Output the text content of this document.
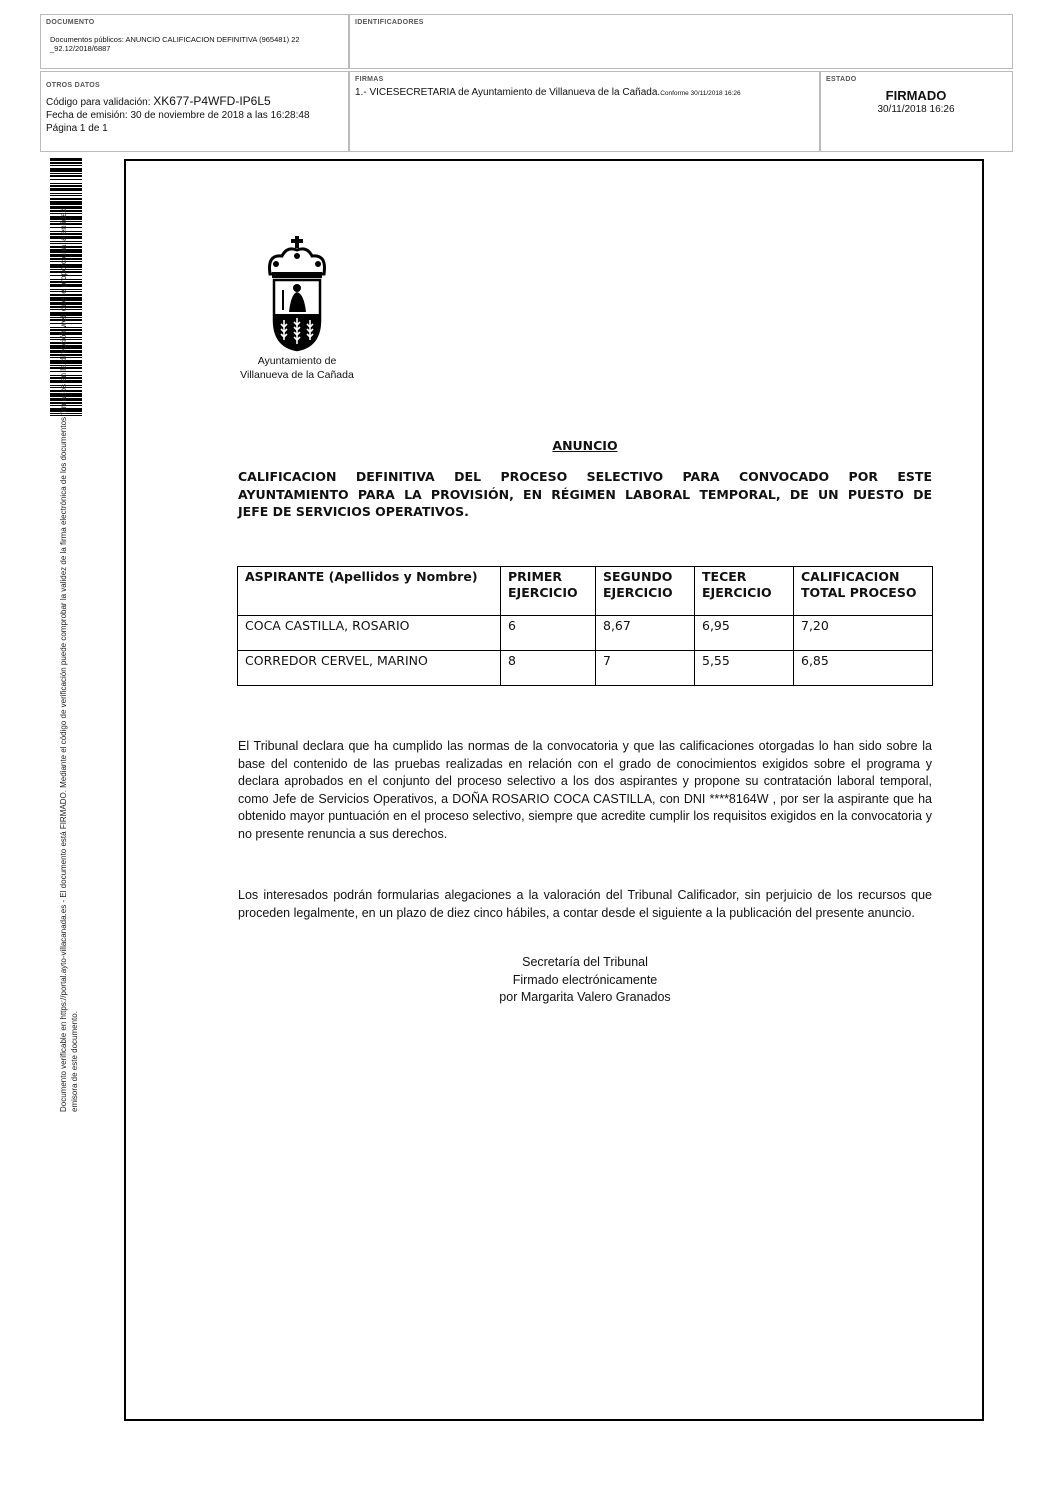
DOCUMENTO
Documentos públicos: ANUNCIO CALIFICACION DEFINITIVA (965481) 22
_92.12/2018/6887
IDENTIFICADORES
OTROS DATOS
Código para validación: XK677-P4WFD-IP6L5
Fecha de emisión: 30 de noviembre de 2018 a las 16:28:48
Página 1 de 1
FIRMAS
1.- VICESECRETARIA de Ayuntamiento de Villanueva de la Cañada.Conforme 30/11/2018 16:26
ESTADO
FIRMADO
30/11/2018 16:26
Documento verificable en https://portal.ayto-villacanada.es - El documento está FIRMADO. Mediante el código de verificación puede comprobar la validez de la firma electrónica de los documentos firmados en la dirección web que le proporciona la entidad emisora de este documento.
Ayuntamiento de
Villanueva de la Cañada
ANUNCIO
CALIFICACION DEFINITIVA DEL PROCESO SELECTIVO PARA CONVOCADO POR ESTE
AYUNTAMIENTO PARA LA PROVISIÓN, EN RÉGIMEN LABORAL TEMPORAL, DE UN PUESTO DE
JEFE DE SERVICIOS OPERATIVOS.
ASPIRANTE (Apellidos y Nombre)	PRIMER EJERCICIO	SEGUNDO EJERCICIO	TECER EJERCICIO	CALIFICACION TOTAL PROCESO
COCA CASTILLA, ROSARIO	6	8,67	6,95	7,20
CORREDOR CERVEL, MARINO	8	7	5,55	6,85
El Tribunal declara que ha cumplido las normas de la convocatoria y que las calificaciones otorgadas lo han sido sobre la base del contenido de las pruebas realizadas en relación con el grado de conocimientos exigidos sobre el programa y declara aprobados en el conjunto del proceso selectivo a los dos aspirantes y propone su contratación laboral temporal, como Jefe de Servicios Operativos, a DOÑA ROSARIO COCA CASTILLA, con DNI ****8164W , por ser la aspirante que ha obtenido mayor puntuación en el proceso selectivo, siempre que acredite cumplir los requisitos exigidos en la convocatoria y no presente renuncia a sus derechos.
Los interesados podrán formularias alegaciones a la valoración del Tribunal Calificador, sin perjuicio de los recursos que proceden legalmente, en un plazo de diez cinco hábiles, a contar desde el siguiente a la publicación del presente anuncio.
Secretaría del Tribunal
Firmado electrónicamente
por Margarita Valero Granados
